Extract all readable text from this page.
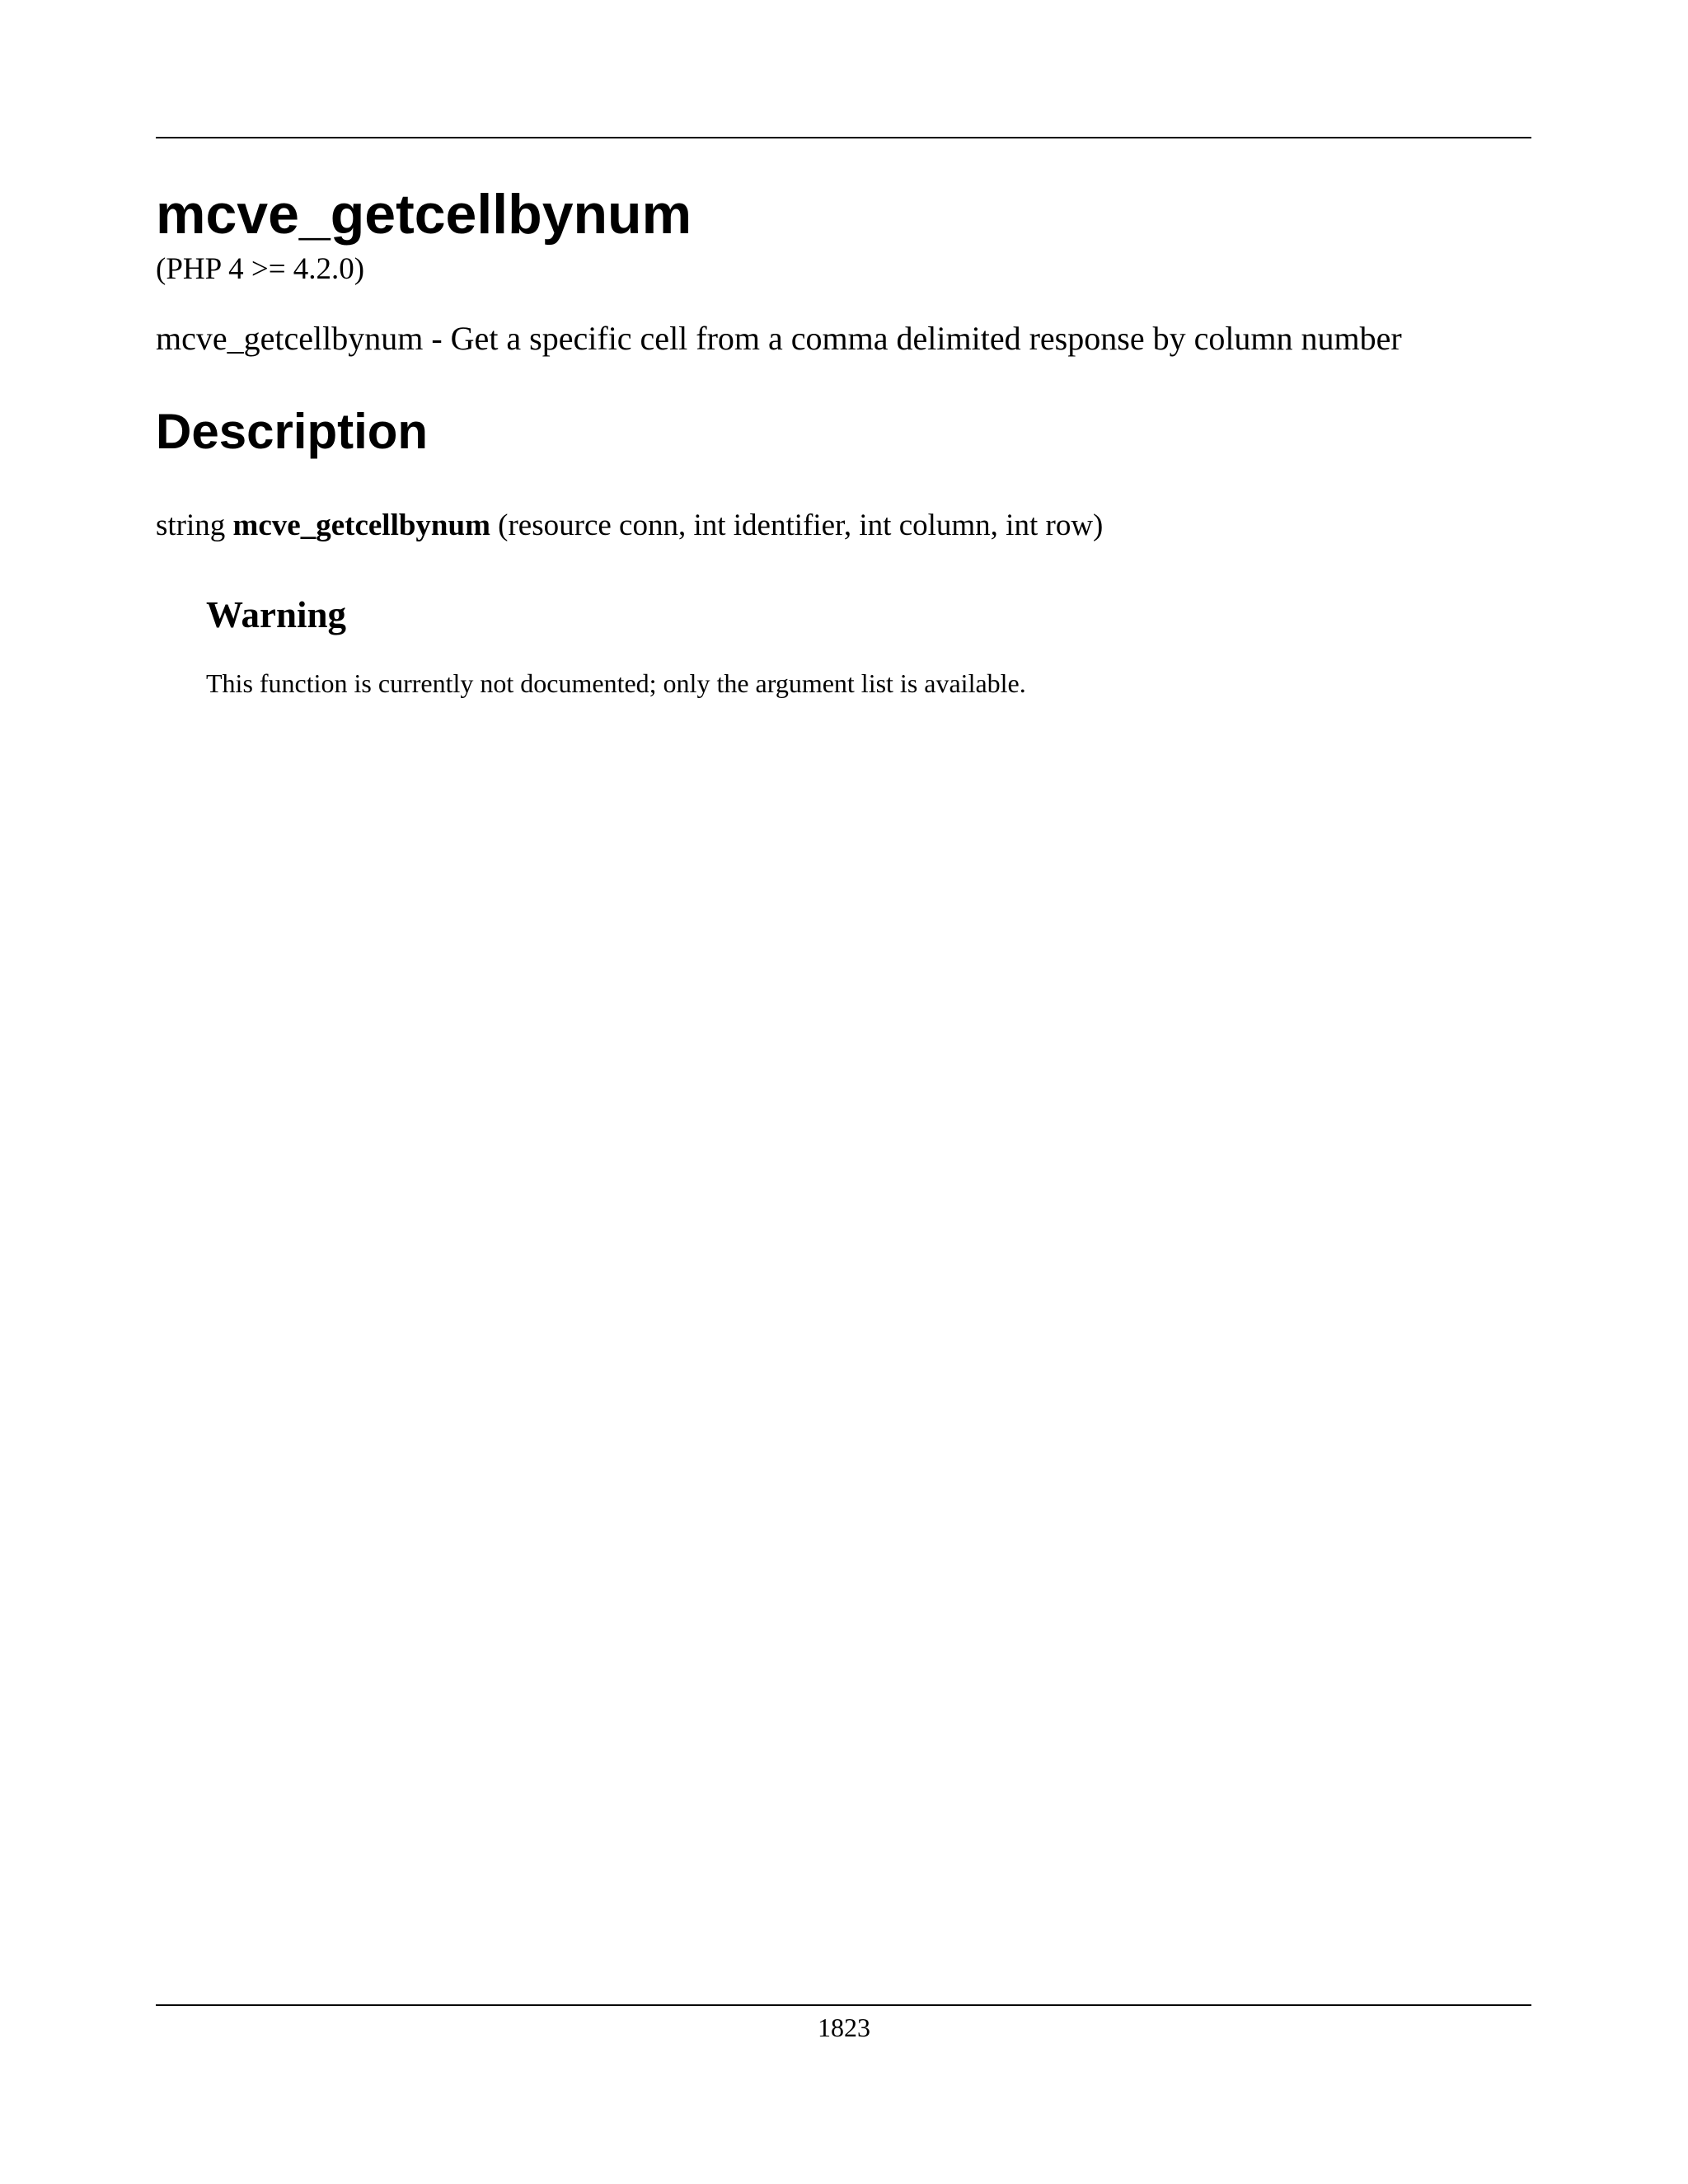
mcve_getcellbynum
(PHP 4 >= 4.2.0)
mcve_getcellbynum - Get a specific cell from a comma delimited response by column number
Description
string mcve_getcellbynum (resource conn, int identifier, int column, int row)
Warning
This function is currently not documented; only the argument list is available.
1823
